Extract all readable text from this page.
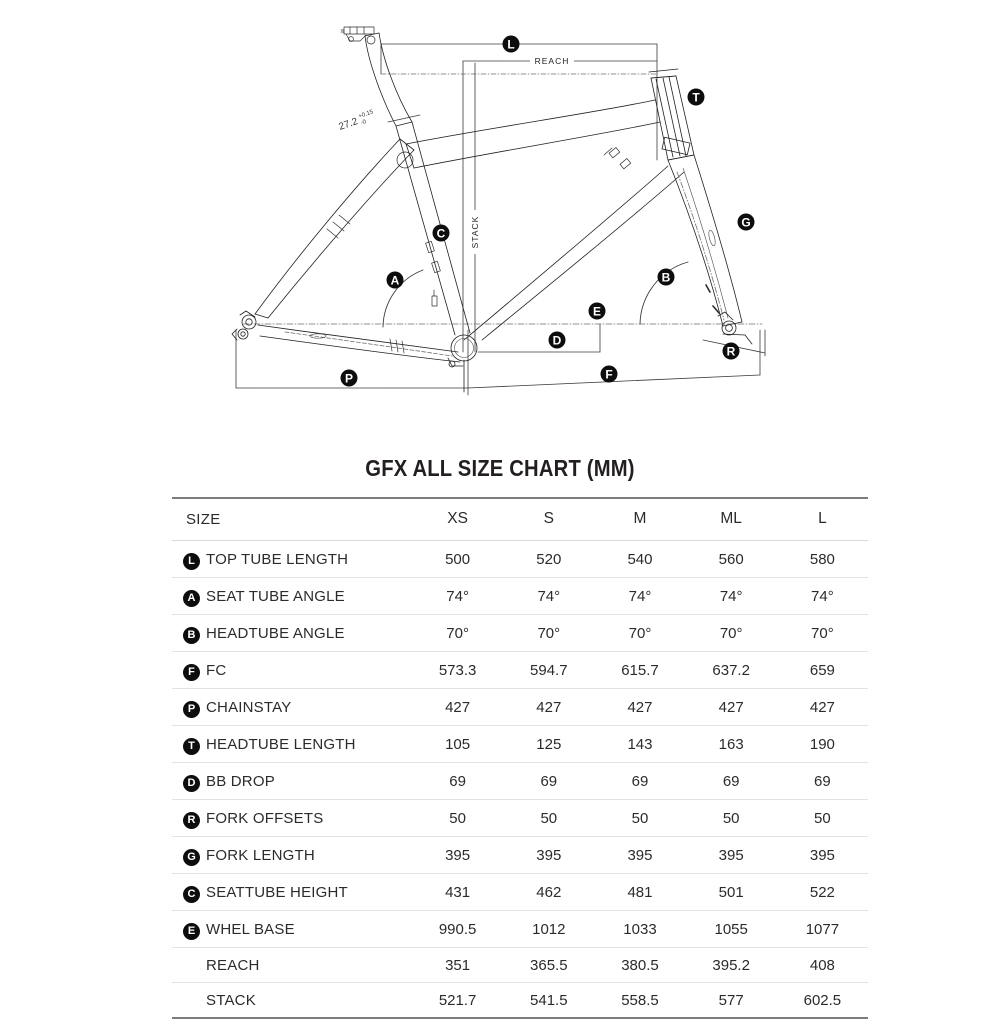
27.2
+0.15
-0
REACH
STACK
L
T
G
C
A	B
E
D
R
P	F
GFX ALL SIZE CHART (MM)
SIZE		XS	S	M	ML	L
L	TOP TUBE LENGTH	500	520	540	560	580
A	SEAT TUBE ANGLE	74°	74°	74°	74°	74°
B	HEADTUBE ANGLE	70°	70°	70°	70°	70°
F	FC	573.3	594.7	615.7	637.2	659
P	CHAINSTAY	427	427	427	427	427
T	HEADTUBE LENGTH	105	125	143	163	190
D	BB DROP	69	69	69	69	69
R	FORK OFFSETS	50	50	50	50	50
G	FORK LENGTH	395	395	395	395	395
C	SEATTUBE HEIGHT	431	462	481	501	522
E	WHEL BASE	990.5	1012	1033	1055	1077
	REACH	351	365.5	380.5	395.2	408
	STACK	521.7	541.5	558.5	577	602.5
